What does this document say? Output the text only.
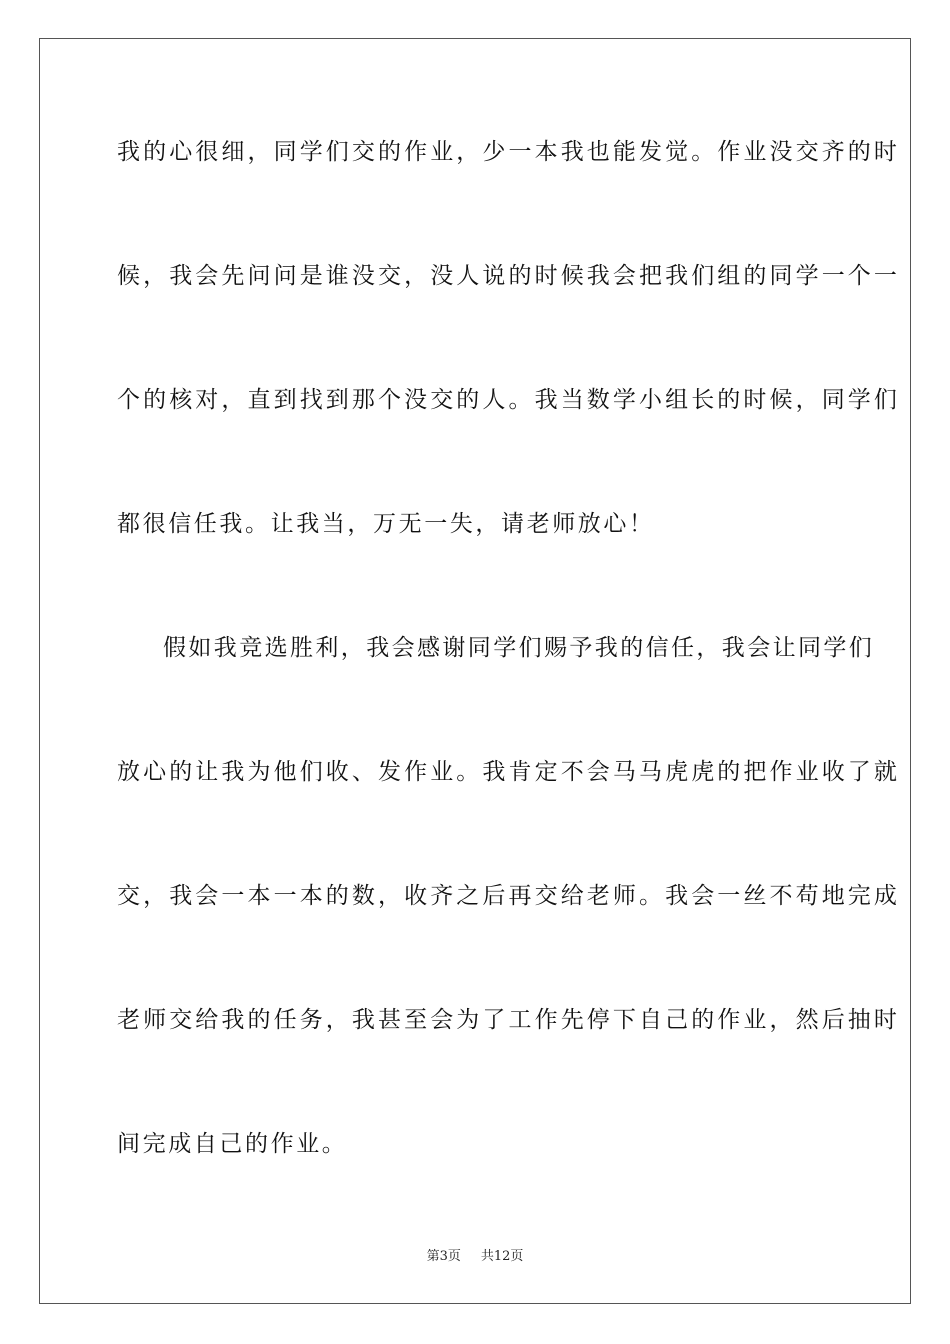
我的心很细，同学们交的作业，少一本我也能发觉。作业没交齐的时
候，我会先问问是谁没交，没人说的时候我会把我们组的同学一个一
个的核对，直到找到那个没交的人。我当数学小组长的时候，同学们
都很信任我。让我当，万无一失，请老师放心！
假如我竞选胜利，我会感谢同学们赐予我的信任，我会让同学们
放心的让我为他们收、发作业。我肯定不会马马虎虎的把作业收了就
交，我会一本一本的数，收齐之后再交给老师。我会一丝不苟地完成
老师交给我的任务，我甚至会为了工作先停下自己的作业，然后抽时
间完成自己的作业。
第3页 共12页
